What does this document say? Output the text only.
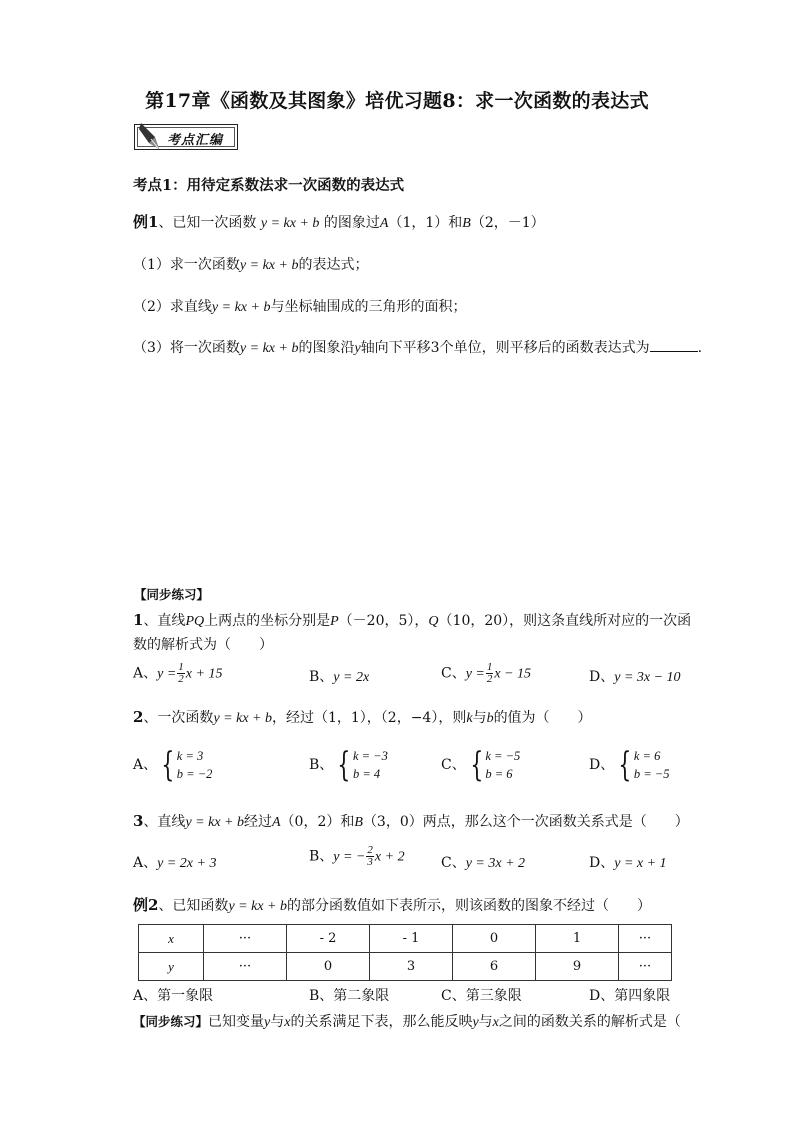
第17章《函数及其图象》培优习题8：求一次函数的表达式
考点汇编
考点1：用待定系数法求一次函数的表达式
例1、已知一次函数 y = kx + b 的图象过A（1，1）和B（2，－1）
（1）求一次函数y = kx + b的表达式；
（2）求直线y = kx + b与坐标轴围成的三角形的面积；
（3）将一次函数y = kx + b的图象沿y轴向下平移3个单位，则平移后的函数表达式为	.
【同步练习】
1、直线PQ上两点的坐标分别是P（－20，5），Q（10，20），则这条直线所对应的一次函
数的解析式为（　　）
A、$y = \frac{1}{2}$ x + 15	B、y = 2x	C、$y = \frac{1}{2}$ x − 15	D、y = 3x − 10
2、一次函数y = kx + b，经过（1，1），（2，−4），则k与b的值为（　　）
A、 { k = 3
b = −2
B、 { k = −3
b = 4
C、 { k = −5
b = 6
D、 { k = 6
b = −5
3、直线y = kx + b经过A（0，2）和B（3，0）两点，那么这个一次函数关系式是（　　）
A、y = 2x + 3	B、y = − $\frac{2}{3}$ x + 2	C、y = 3x + 2	D、y = x + 1
例2、已知函数y = kx + b的部分函数值如下表所示，则该函数的图象不经过（　　）
x	···	- 2	- 1	0	1	···
y	···	0	3	6	9	···
A、第一象限	B、第二象限	C、第三象限	D、第四象限
【同步练习】已知变量y与x的关系满足下表，那么能反映y与x之间的函数关系的解析式是（
